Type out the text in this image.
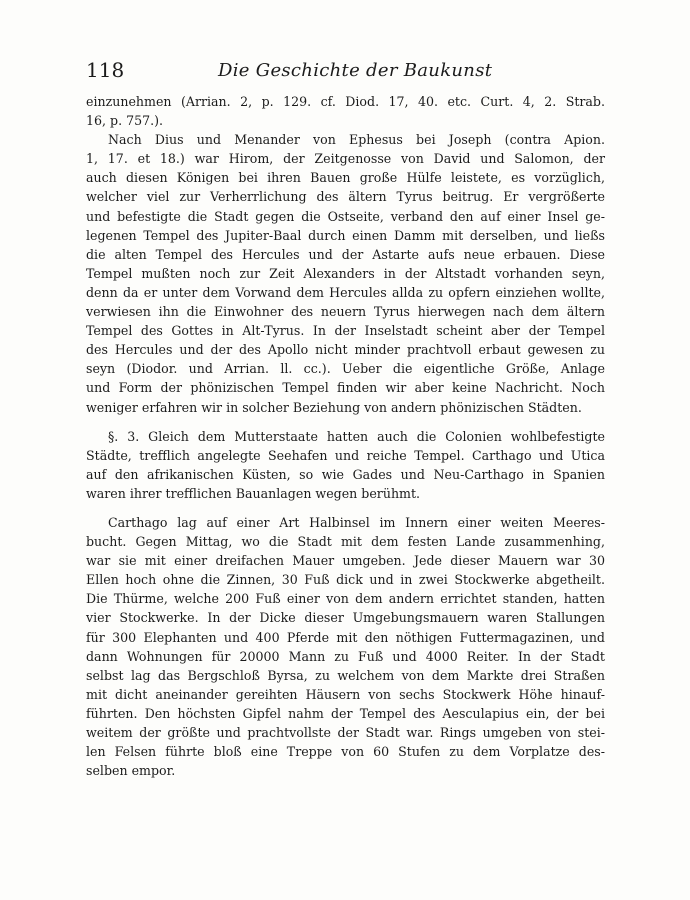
118	Die Geschichte der Baukunst

einzunehmen (Arrian. 2, p. 129. cf. Diod. 17, 40. etc. Curt. 4, 2. Strab.
16, p. 757.).

Nach Dius und Menander von Ephesus bei Joseph (contra Apion.
1, 17. et 18.) war Hirom, der Zeitgenosse von David und Salomon, der
auch diesen Königen bei ihren Bauen große Hülfe leistete, es vorzüglich,
welcher viel zur Verherrlichung des ältern Tyrus beitrug. Er vergrößerte
und befestigte die Stadt gegen die Ostseite, verband den auf einer Insel ge-
legenen Tempel des Jupiter-Baal durch einen Damm mit derselben, und ließs
die alten Tempel des Hercules und der Astarte aufs neue erbauen. Diese
Tempel mußten noch zur Zeit Alexanders in der Altstadt vorhanden seyn,
denn da er unter dem Vorwand dem Hercules allda zu opfern einziehen wollte,
verwiesen ihn die Einwohner des neuern Tyrus hierwegen nach dem ältern
Tempel des Gottes in Alt-Tyrus. In der Inselstadt scheint aber der Tempel
des Hercules und der des Apollo nicht minder prachtvoll erbaut gewesen zu
seyn (Diodor. und Arrian. ll. cc.). Ueber die eigentliche Größe, Anlage
und Form der phönizischen Tempel finden wir aber keine Nachricht. Noch
weniger erfahren wir in solcher Beziehung von andern phönizischen Städten.

§. 3. Gleich dem Mutterstaate hatten auch die Colonien wohlbefestigte
Städte, trefflich angelegte Seehafen und reiche Tempel. Carthago und Utica
auf den afrikanischen Küsten, so wie Gades und Neu-Carthago in Spanien
waren ihrer trefflichen Bauanlagen wegen berühmt.

Carthago lag auf einer Art Halbinsel im Innern einer weiten Meeres-
bucht. Gegen Mittag, wo die Stadt mit dem festen Lande zusammenhing,
war sie mit einer dreifachen Mauer umgeben. Jede dieser Mauern war 30
Ellen hoch ohne die Zinnen, 30 Fuß dick und in zwei Stockwerke abgetheilt.
Die Thürme, welche 200 Fuß einer von dem andern errichtet standen, hatten
vier Stockwerke. In der Dicke dieser Umgebungsmauern waren Stallungen
für 300 Elephanten und 400 Pferde mit den nöthigen Futtermagazinen, und
dann Wohnungen für 20000 Mann zu Fuß und 4000 Reiter. In der Stadt
selbst lag das Bergschloß Byrsa, zu welchem von dem Markte drei Straßen
mit dicht aneinander gereihten Häusern von sechs Stockwerk Höhe hinauf-
führten. Den höchsten Gipfel nahm der Tempel des Aesculapius ein, der bei
weitem der größte und prachtvollste der Stadt war. Rings umgeben von stei-
len Felsen führte bloß eine Treppe von 60 Stufen zu dem Vorplatze des-
selben empor.
